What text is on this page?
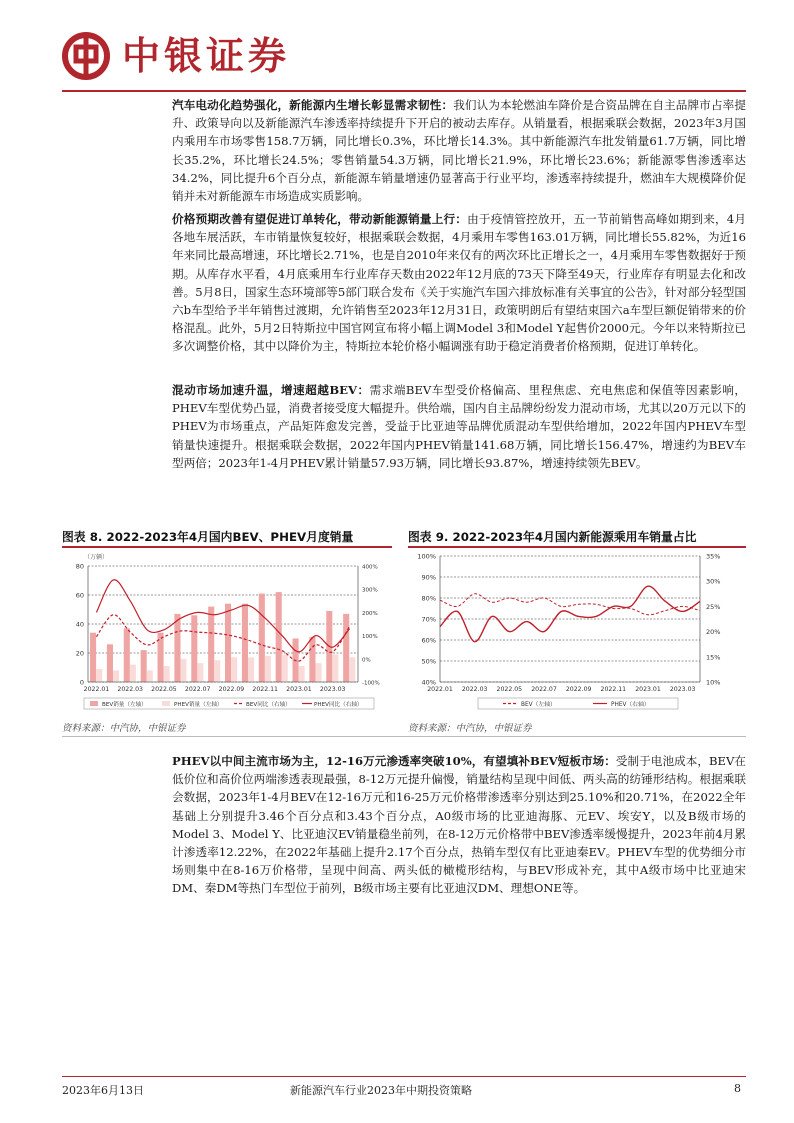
中银证券

汽车电动化趋势强化，新能源内生增长彰显需求韧性：我们认为本轮燃油车降价是合资品牌在自主品牌市占率提升、政策导向以及新能源汽车渗透率持续提升下开启的被动去库存。从销量看，根据乘联会数据，2023年3月国内乘用车市场零售158.7万辆，同比增长0.3%，环比增长14.3%。其中新能源汽车批发销量61.7万辆，同比增长35.2%，环比增长24.5%；零售销量54.3万辆，同比增长21.9%，环比增长23.6%；新能源零售渗透率达34.2%，同比提升6个百分点，新能源车销量增速仍显著高于行业平均，渗透率持续提升，燃油车大规模降价促销并未对新能源车市场造成实质影响。

价格预期改善有望促进订单转化，带动新能源销量上行：由于疫情管控放开，五一节前销售高峰如期到来，4月各地车展活跃，车市销量恢复较好，根据乘联会数据，4月乘用车零售163.01万辆，同比增长55.82%，为近16年来同比最高增速，环比增长2.71%，也是自2010年来仅有的两次环比正增长之一，4月乘用车零售数据好于预期。从库存水平看，4月底乘用车行业库存天数由2022年12月底的73天下降至49天，行业库存有明显去化和改善。5月8日，国家生态环境部等5部门联合发布《关于实施汽车国六排放标准有关事宜的公告》，针对部分轻型国六b车型给予半年销售过渡期，允许销售至2023年12月31日，政策明朗后有望结束国六a车型巨额促销带来的价格混乱。此外，5月2日特斯拉中国官网宣布将小幅上调Model 3和Model Y起售价2000元。今年以来特斯拉已多次调整价格，其中以降价为主，特斯拉本轮价格小幅调涨有助于稳定消费者价格预期，促进订单转化。

混动市场加速升温，增速超越BEV：需求端BEV车型受价格偏高、里程焦虑、充电焦虑和保值等因素影响，PHEV车型优势凸显，消费者接受度大幅提升。供给端，国内自主品牌纷纷发力混动市场，尤其以20万元以下的PHEV为市场重点，产品矩阵愈发完善，受益于比亚迪等品牌优质混动车型供给增加，2022年国内PHEV车型销量快速提升。根据乘联会数据，2022年国内PHEV销量141.68万辆，同比增长156.47%，增速约为BEV车型两倍；2023年1-4月PHEV累计销量57.93万辆，同比增长93.87%，增速持续领先BEV。

图表 8. 2022-2023年4月国内BEV、PHEV月度销量	图表 9. 2022-2023年4月国内新能源乘用车销量占比
（万辆）
0
20
40
60
80
-100%
0%
100%
200%
300%
400%
2022.01 2022.03 2022.05 2022.07 2022.09 2022.11 2023.01 2023.03
BEV销量（左轴）	PHEV销量（左轴）	BEV同比（右轴）	PHEV同比（右轴）
40%
50%
60%
70%
80%
90%
100%
10%
15%
20%
25%
30%
35%
2022.01 2022.03 2022.05 2022.07 2022.09 2022.11 2023.01 2023.03
BEV（左轴）	PHEV（右轴）
资料来源：中汽协，中银证券	资料来源：中汽协，中银证券

PHEV以中间主流市场为主，12-16万元渗透率突破10%，有望填补BEV短板市场：受制于电池成本，BEV在低价位和高价位两端渗透表现最强，8-12万元提升偏慢，销量结构呈现中间低、两头高的纺锤形结构。根据乘联会数据，2023年1-4月BEV在12-16万元和16-25万元价格带渗透率分别达到25.10%和20.71%，在2022全年基础上分别提升3.46个百分点和3.43个百分点，A0级市场的比亚迪海豚、元EV、埃安Y，以及B级市场的Model 3、Model Y、比亚迪汉EV销量稳坐前列，在8-12万元价格带中BEV渗透率缓慢提升，2023年前4月累计渗透率12.22%，在2022年基础上提升2.17个百分点，热销车型仅有比亚迪秦EV。PHEV车型的优势细分市场则集中在8-16万价格带，呈现中间高、两头低的橄榄形结构，与BEV形成补充，其中A级市场中比亚迪宋DM、秦DM等热门车型位于前列，B级市场主要有比亚迪汉DM、理想ONE等。

2023年6月13日	新能源汽车行业2023年中期投资策略	8
